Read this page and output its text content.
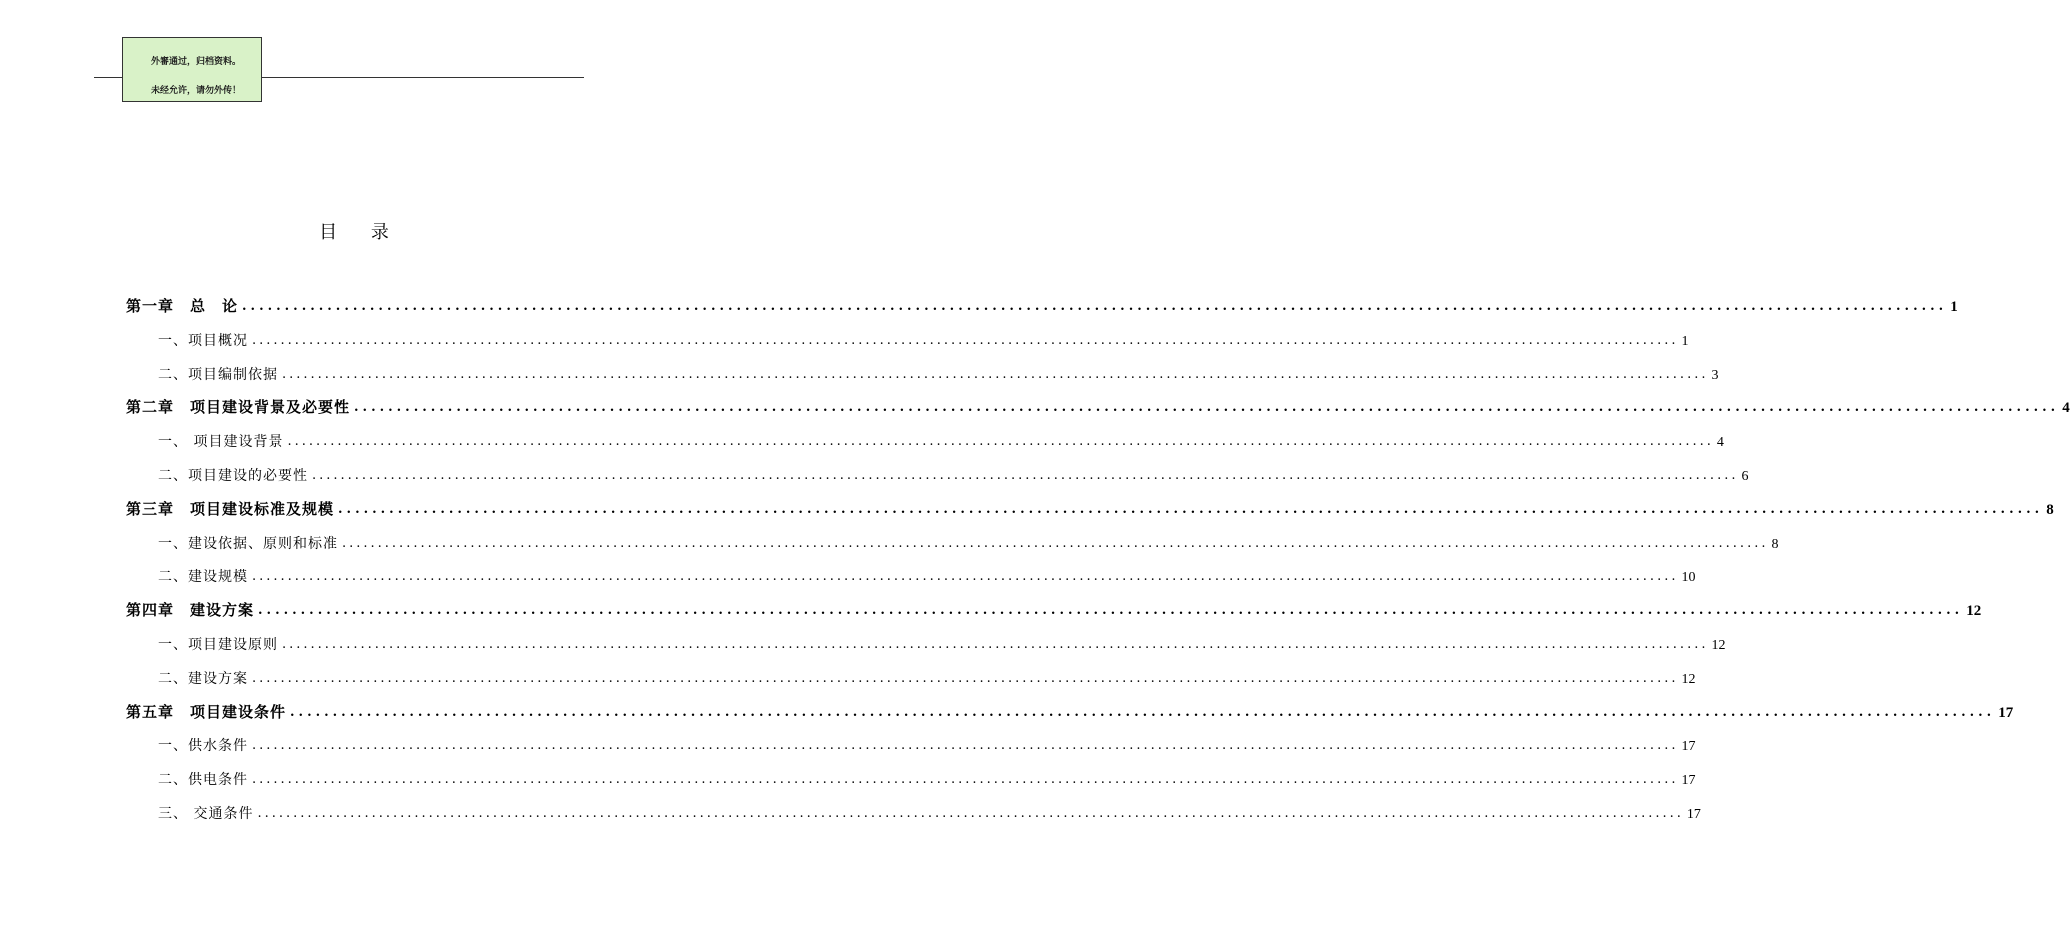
外審通过，归档资料。
未经允许，请勿外传！
目 录
第一章　总　论 ........................................................................................................................................................................................................ 1
一、项目概况 ........................................................................................................................................................................................................ 1
二、项目编制依据 ........................................................................................................................................................................................................ 3
第二章　项目建设背景及必要性 ........................................................................................................................................................................................................ 4
一、 项目建设背景 ........................................................................................................................................................................................................ 4
二、项目建设的必要性 ........................................................................................................................................................................................................ 6
第三章　项目建设标准及规模 ........................................................................................................................................................................................................ 8
一、建设依据、原则和标准 ........................................................................................................................................................................................................ 8
二、建设规模 ........................................................................................................................................................................................................ 10
第四章　建设方案 ........................................................................................................................................................................................................ 12
一、项目建设原则 ........................................................................................................................................................................................................ 12
二、建设方案 ........................................................................................................................................................................................................ 12
第五章　项目建设条件 ........................................................................................................................................................................................................ 17
一、供水条件 ........................................................................................................................................................................................................ 17
二、供电条件 ........................................................................................................................................................................................................ 17
三、 交通条件 ........................................................................................................................................................................................................ 17
